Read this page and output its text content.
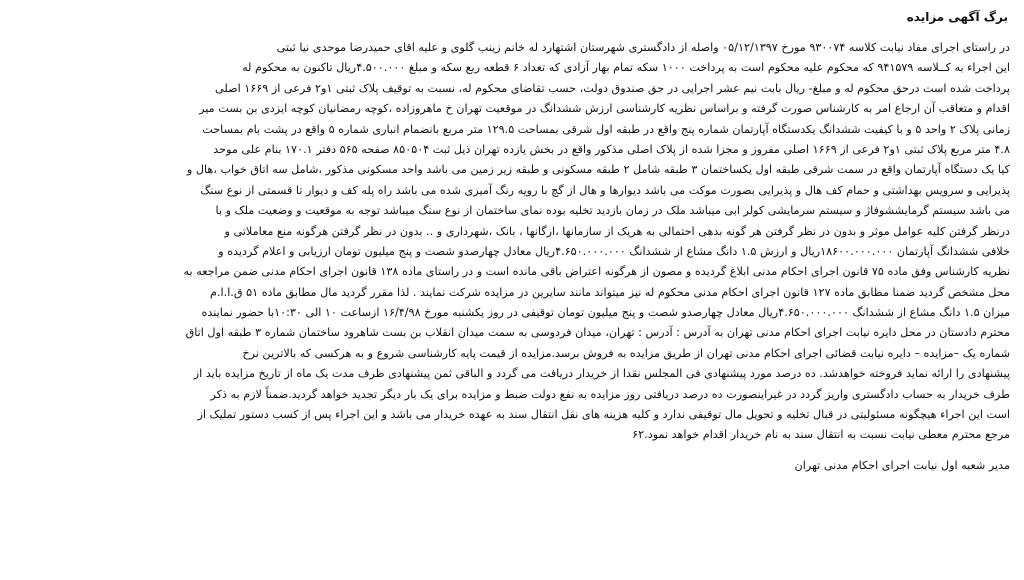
برگ آگهی مزایده
در راستای اجرای مفاد نیابت کلاسه ۹۳۰۰۷۴ مورخ ۰۵/۱۲/۱۳۹۷ واصله از دادگستری شهرستان اشتهارد له خانم زینب گلوی و علیه اقای حمیدرضا موحدی نیا ثبتی
این اجراء به کــلاسه ۹۴۱۵۷۹ که محکوم علیه محکوم است به پرداخت ۱۰۰۰ سکه تمام بهار آزادی که تعداد ۶ قطعه ربع سکه و مبلغ ۴.۵۰۰.۰۰۰ریال تاکنون به محکوم له
پرداخت شده است درحق محکوم له و مبلغ- ریال بابت نیم عشر اجرایی در حق صندوق دولت، حسب تقاضای محکوم له، نسبت به توقیف پلاک ثبتی ۱و۲ فرعی از ۱۶۶۹ اصلی
اقدام و متعاقب آن ارجاع امر به کارشناس صورت گرفته و براساس نظریه کارشناسی ارزش ششدانگ در موقعیت تهران خ ماهروزاده ،کوچه رمضانیان کوچه ایزدی بن بست میر
زمانی پلاک ۲ واحد ۵ و با کیفیت ششدانگ یکدستگاه آپارتمان شماره پنج واقع در طبقه اول شرقی بمساحت ۱۲۹.۵ متر مربع بانضمام انباری شماره ۵ واقع در پشت بام بمساحت
۴.۸ متر مربع پلاک ثبتی ۱و۲ فرعی از ۱۶۶۹ اصلی مفروز و مجزا شده از پلاک اصلی مذکور واقع در بخش یازده تهران ذیل ثبت ۸۵۰۵۰۴ صفحه ۵۶۵ دفتر ۱۷۰.۱ بنام علی موحد
کیا یک دستگاه آپارتمان واقع در سمت شرقی طبقه اول یکساختمان ۳ طبقه شامل ۲ طبقه مسکونی و طبقه زیر زمین می باشد واحد مسکونی مذکور ،شامل سه اتاق خواب ،هال و
پذیرایی و سرویس بهداشتی و حمام کف هال و پذیرایی بصورت موکت می باشد دیوارها و هال از گچ با رویه رنگ آمیزی شده می باشد راه پله کف و دیوار تا قسمتی از نوع سنگ
می باشد سیستم گرمایششوفاژ و سیستم سرمایشی کولر ابی میباشد ملک در زمان بازدید تخلیه بوده نمای ساختمان از نوع سنگ میباشد توجه به موقعیت و وضعیت ملک و با
درنظر گرفتن کلیه عوامل موثر و بدون در نظر گرفتن هر گونه بدهی احتمالی به هریک از سازمانها ،ارگانها ، بانک ،شهرداری و .. بدون در نظر گرفتن هرگونه منع معاملاتی و
خلافی ششدانگ آپارتمان ۱۸۶۰۰.۰۰۰.۰۰۰ریال و ارزش ۱.۵ دانگ مشاع از ششدانگ ۴.۶۵۰.۰۰۰.۰۰۰ریال معادل چهارصدو شصت و پنج میلیون تومان ارزیابی و اعلام گردیده و
نظریه کارشناس وفق ماده ۷۵ قانون اجرای احکام مدنی ابلاغ گردیده و مصون از هرگونه اعتراض باقی مانده است و در راستای ماده ۱۳۸ قانون اجرای احکام مدنی ضمن مراجعه به
محل مشخص گردید ضمنا مطابق ماده ۱۲۷ قانون اجرای احکام مدنی محکوم له نیز میتواند مانند سایرین در مزایده شرکت نمایند . لذا مقرر گردید مال مطابق ماده ۵۱ ق.ا.ا.م
میزان ۱.۵ دانگ مشاع از ششدانگ ۴.۶۵۰.۰۰۰.۰۰۰ریال معادل چهارصدو شصت و پنج میلیون تومان توقیفی در روز یکشنبه مورخ ۱۶/۴/۹۸ ازساعت ۱۰ الی ۱۰:۳۰با حضور نماینده
محترم دادستان در محل دایره نیابت اجرای احکام مدنی تهران به آدرس : آدرس : تهران، میدان فردوسی به سمت میدان انقلاب بن بست شاهرود ساختمان شماره ۳ طبقه اول اتاق
شماره یک –مزایده – دایره نیابت قضائی اجرای احکام مدنی تهران از طریق مزایده به فروش برسد.مزایده از قیمت پایه کارشناسی شروع و به هرکسی که بالاترین نرخ
پیشنهادی را ارائه نماید فروخته خواهدشد. ده درصد مورد پیشنهادی فی المجلس نقدا از خریدار دریافت می گردد و الباقی ثمن پیشنهادی ظرف مدت یک ماه از تاریخ مزایده باید از
طرف خریدار به حساب دادگستری واریز گردد در غیراینصورت ده درصد دریافتی روز مزایده به نفع دولت ضبط و مزایده برای یک بار دیگر تجدید خواهد گردید.ضمناً لازم به ذکر
است این اجراء هیچگونه مسئولیتی در قبال تخلیه و تحویل مال توقیفی ندارد و کلیه هزینه های نقل انتقال سند به عهده خریدار می باشد و این اجراء پس از کسب دستور تملیک از
مرجع محترم معطی نیابت نسبت به انتقال سند به نام خریدار اقدام خواهد نمود.۶۲
مدیر شعبه اول نیابت اجرای احکام مدنی تهران
